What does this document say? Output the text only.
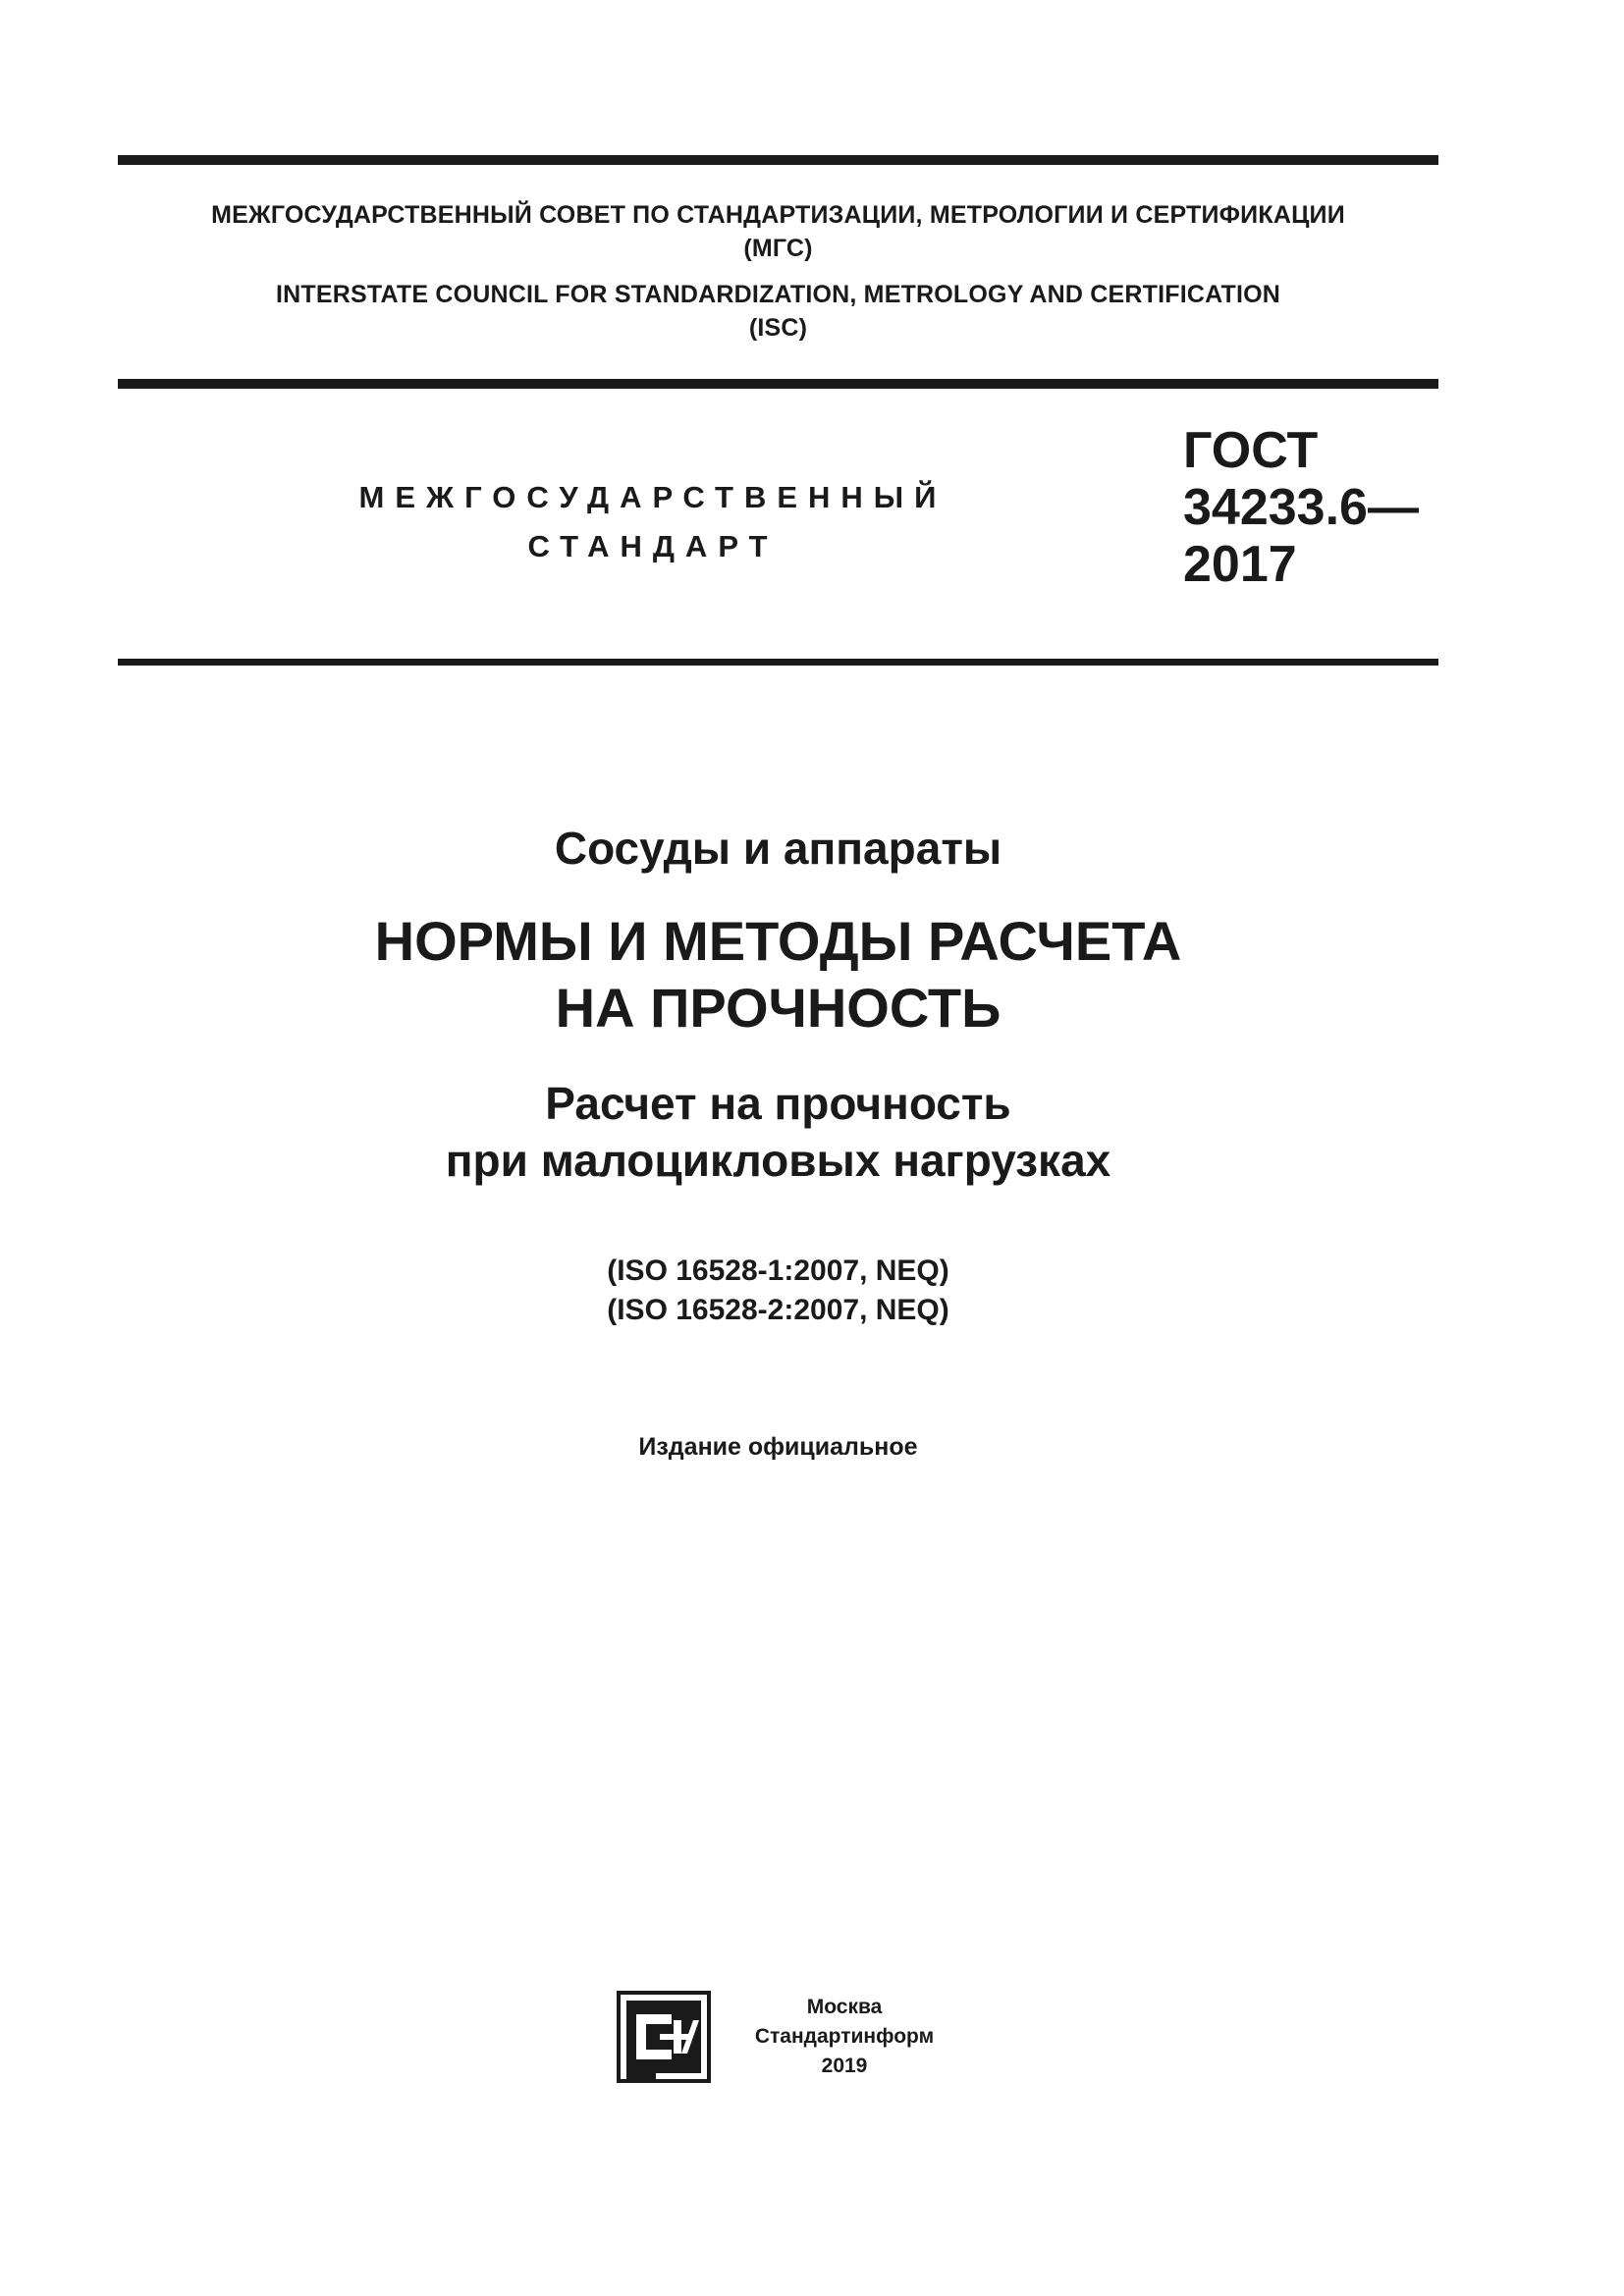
МЕЖГОСУДАРСТВЕННЫЙ СОВЕТ ПО СТАНДАРТИЗАЦИИ, МЕТРОЛОГИИ И СЕРТИФИКАЦИИ
(МГС)
INTERSTATE COUNCIL FOR STANDARDIZATION, METROLOGY AND CERTIFICATION
(ISC)
МЕЖГОСУДАРСТВЕННЫЙ
СТАНДАРТ
ГОСТ
34233.6—
2017
Сосуды и аппараты
НОРМЫ И МЕТОДЫ РАСЧЕТА
НА ПРОЧНОСТЬ
Расчет на прочность
при малоцикловых нагрузках
(ISO 16528-1:2007, NEQ)
(ISO 16528-2:2007, NEQ)
Издание официальное
Москва
Стандартинформ
2019
